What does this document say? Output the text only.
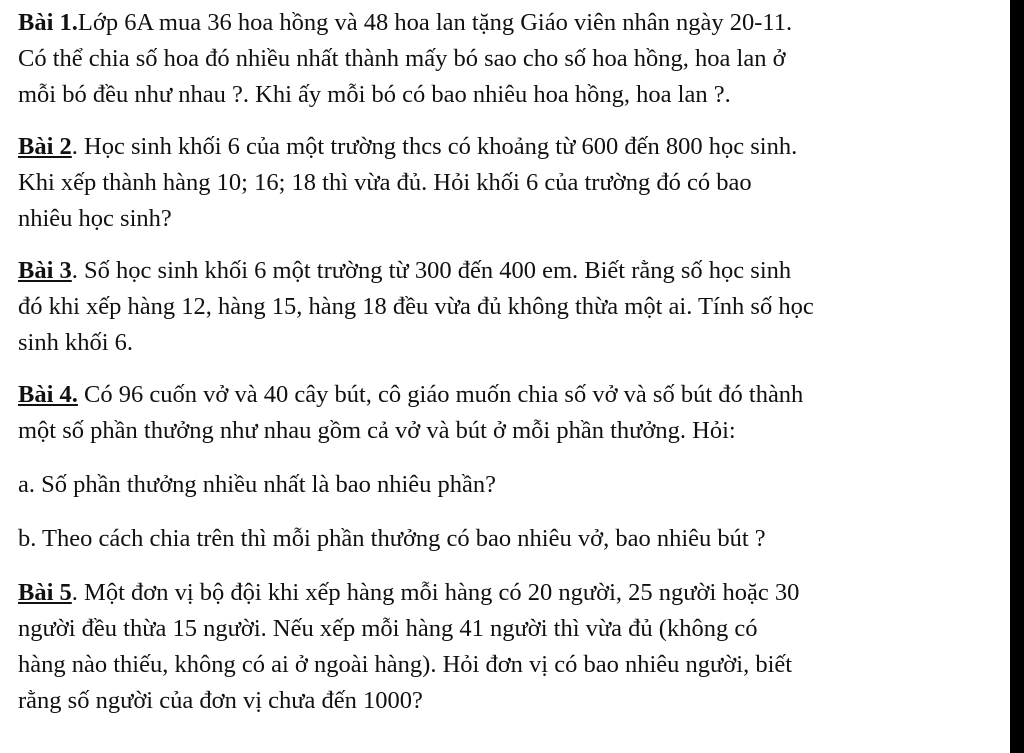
Bài 1.Lớp 6A mua 36 hoa hồng và 48 hoa lan tặng Giáo viên nhân ngày 20-11.
Có thể chia số hoa đó nhiều nhất thành mấy bó sao cho số hoa hồng, hoa lan ở
mỗi bó đều như nhau ?. Khi ấy mỗi bó có bao nhiêu hoa hồng, hoa lan ?.

Bài 2. Học sinh khối 6 của một trường thcs có khoảng từ 600 đến 800 học sinh.
Khi xếp thành hàng 10; 16; 18 thì vừa đủ. Hỏi khối 6 của trường đó có bao
nhiêu học sinh?

Bài 3. Số học sinh khối 6 một trường từ 300 đến 400 em. Biết rằng số học sinh
đó khi xếp hàng 12, hàng 15, hàng 18 đều vừa đủ không thừa một ai. Tính số học
sinh khối 6.

Bài 4. Có 96 cuốn vở và 40 cây bút, cô giáo muốn chia số vở và số bút đó thành
một số phần thưởng như nhau gồm cả vở và bút ở mỗi phần thưởng. Hỏi:

a. Số phần thưởng nhiều nhất là bao nhiêu phần?

b. Theo cách chia trên thì mỗi phần thưởng có bao nhiêu vở, bao nhiêu bút ?

Bài 5. Một đơn vị bộ đội khi xếp hàng mỗi hàng có 20 người, 25 người hoặc 30
người đều thừa 15 người. Nếu xếp mỗi hàng 41 người thì vừa đủ (không có
hàng nào thiếu, không có ai ở ngoài hàng). Hỏi đơn vị có bao nhiêu người, biết
rằng số người của đơn vị chưa đến 1000?
